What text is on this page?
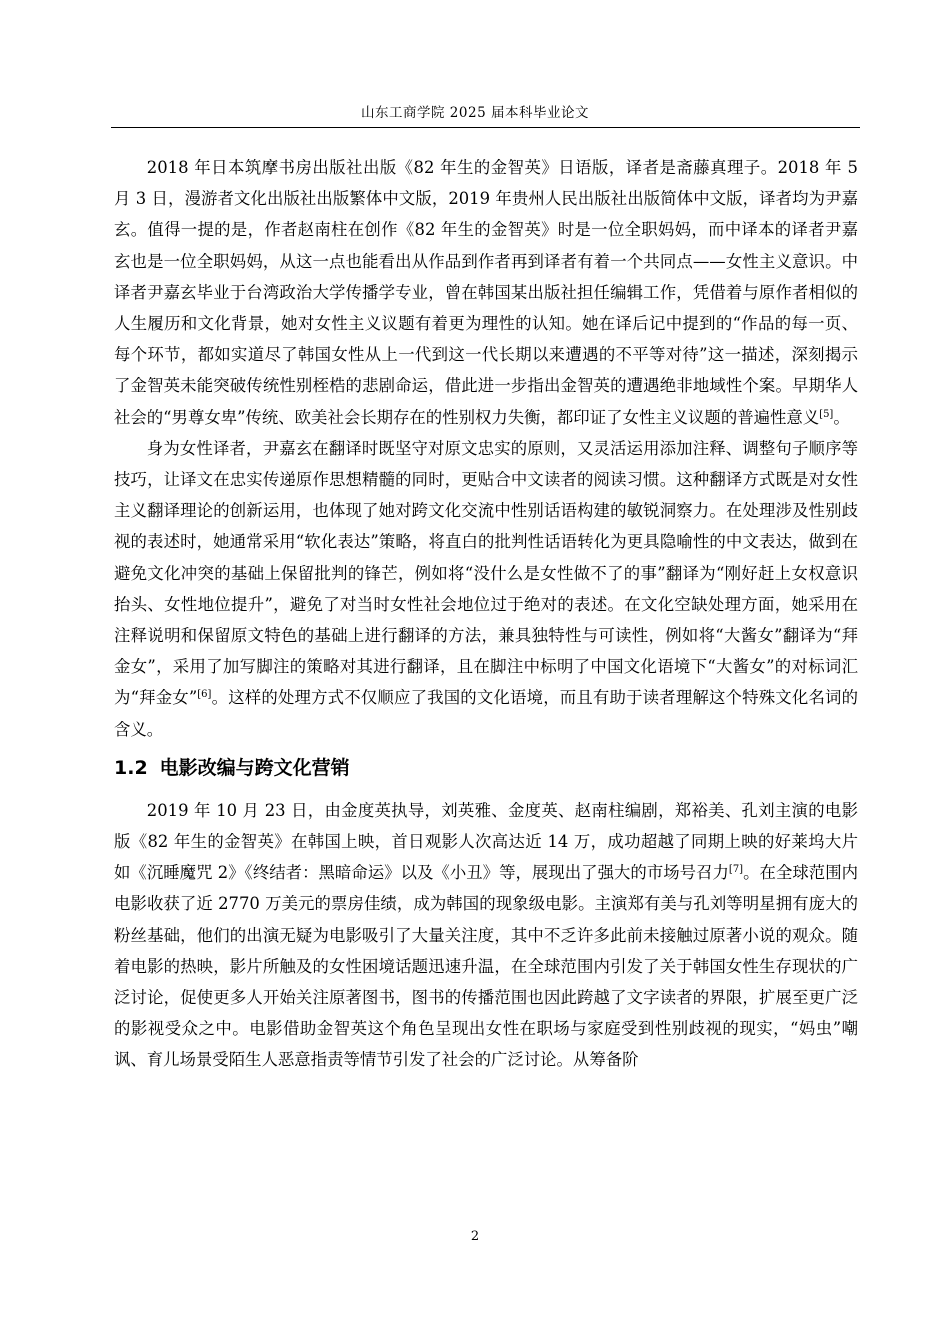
山东工商学院 2025 届本科毕业论文

2018 年日本筑摩书房出版社出版《82 年生的金智英》日语版，译者是斋藤真理子。2018 年 5 月 3 日，漫游者文化出版社出版繁体中文版，2019 年贵州人民出版社出版简体中文版，译者均为尹嘉玄。值得一提的是，作者赵南柱在创作《82 年生的金智英》时是一位全职妈妈，而中译本的译者尹嘉玄也是一位全职妈妈，从这一点也能看出从作品到作者再到译者有着一个共同点——女性主义意识。中译者尹嘉玄毕业于台湾政治大学传播学专业，曾在韩国某出版社担任编辑工作，凭借着与原作者相似的人生履历和文化背景，她对女性主义议题有着更为理性的认知。她在译后记中提到的“作品的每一页、每个环节，都如实道尽了韩国女性从上一代到这一代长期以来遭遇的不平等对待”这一描述，深刻揭示了金智英未能突破传统性别桎梏的悲剧命运，借此进一步指出金智英的遭遇绝非地域性个案。早期华人社会的“男尊女卑”传统、欧美社会长期存在的性别权力失衡，都印证了女性主义议题的普遍性意义[5]。

身为女性译者，尹嘉玄在翻译时既坚守对原文忠实的原则，又灵活运用添加注释、调整句子顺序等技巧，让译文在忠实传递原作思想精髓的同时，更贴合中文读者的阅读习惯。这种翻译方式既是对女性主义翻译理论的创新运用，也体现了她对跨文化交流中性别话语构建的敏锐洞察力。在处理涉及性别歧视的表述时，她通常采用“软化表达”策略，将直白的批判性话语转化为更具隐喻性的中文表达，做到在避免文化冲突的基础上保留批判的锋芒，例如将“没什么是女性做不了的事”翻译为“刚好赶上女权意识抬头、女性地位提升”，避免了对当时女性社会地位过于绝对的表述。在文化空缺处理方面，她采用在注释说明和保留原文特色的基础上进行翻译的方法，兼具独特性与可读性，例如将“大酱女”翻译为“拜金女”，采用了加写脚注的策略对其进行翻译，且在脚注中标明了中国文化语境下“大酱女”的对标词汇为“拜金女”[6]。这样的处理方式不仅顺应了我国的文化语境，而且有助于读者理解这个特殊文化名词的含义。

1.2 电影改编与跨文化营销

2019 年 10 月 23 日，由金度英执导，刘英雅、金度英、赵南柱编剧，郑裕美、孔刘主演的电影版《82 年生的金智英》在韩国上映，首日观影人次高达近 14 万，成功超越了同期上映的好莱坞大片如《沉睡魔咒 2》《终结者：黑暗命运》以及《小丑》等，展现出了强大的市场号召力[7]。在全球范围内电影收获了近 2770 万美元的票房佳绩，成为韩国的现象级电影。主演郑有美与孔刘等明星拥有庞大的粉丝基础，他们的出演无疑为电影吸引了大量关注度，其中不乏许多此前未接触过原著小说的观众。随着电影的热映，影片所触及的女性困境话题迅速升温，在全球范围内引发了关于韩国女性生存现状的广泛讨论，促使更多人开始关注原著图书，图书的传播范围也因此跨越了文字读者的界限，扩展至更广泛的影视受众之中。电影借助金智英这个角色呈现出女性在职场与家庭受到性别歧视的现实，“妈虫”嘲讽、育儿场景受陌生人恶意指责等情节引发了社会的广泛讨论。从筹备阶

2
